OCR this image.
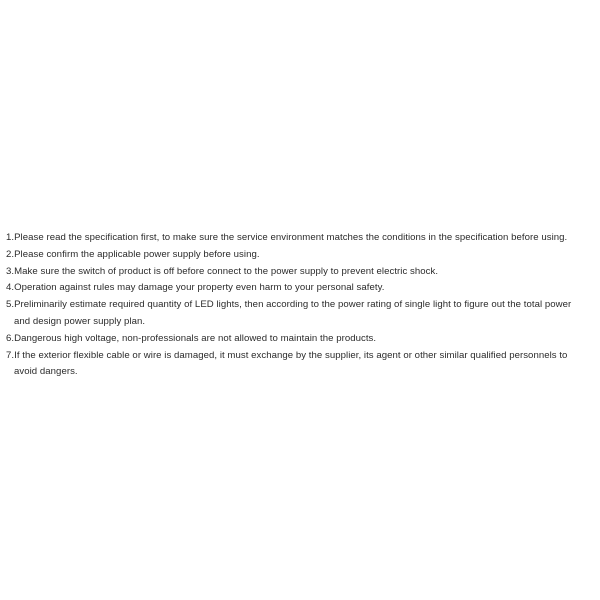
1.Please read the specification first, to make sure the service environment matches the conditions in the specification before using.
2.Please confirm the applicable power supply before using.
3.Make sure the switch of product is off before connect to the power supply to prevent electric shock.
4.Operation against rules may damage your property even harm to your personal safety.
5.Preliminarily estimate required quantity of LED lights, then according to the power rating of single light to figure out the total power
and design power supply plan.
6.Dangerous high voltage, non-professionals are not allowed to maintain the products.
7.If the exterior flexible cable or wire is damaged, it must exchange by the supplier, its agent or other similar qualified personnels to
avoid dangers.
